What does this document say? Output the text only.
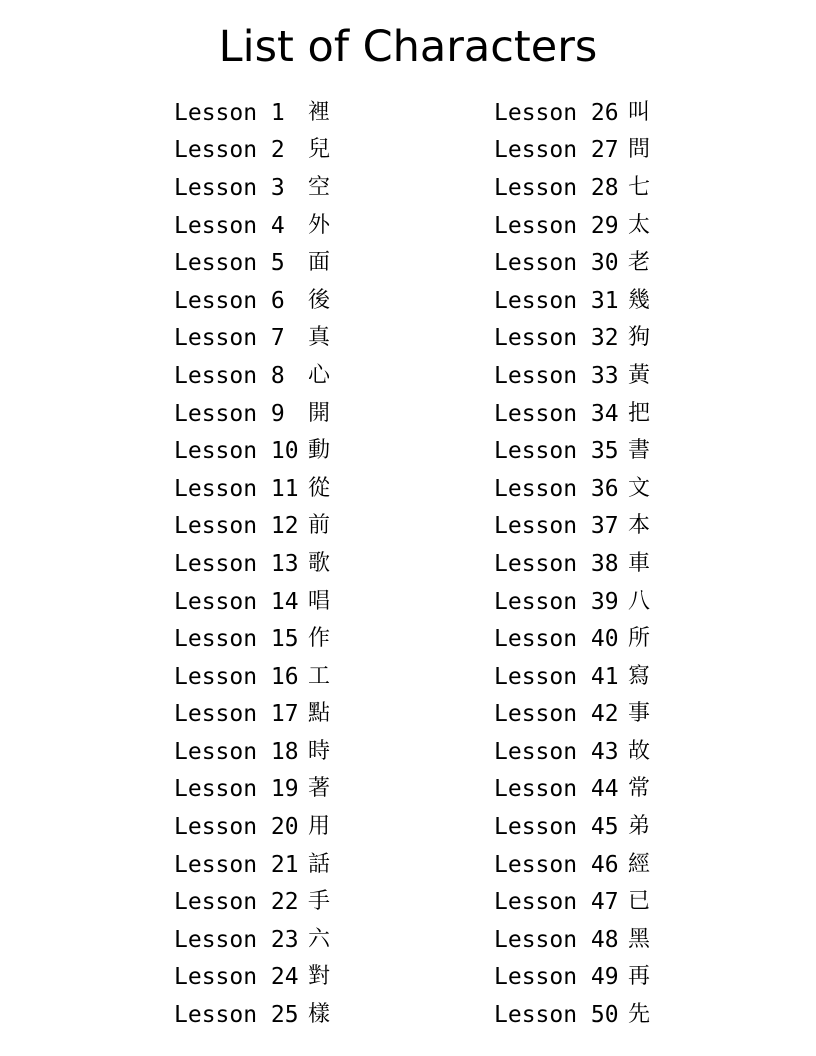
List of Characters
Lesson 1	裡
Lesson 2	兒
Lesson 3	空
Lesson 4	外
Lesson 5	面
Lesson 6	後
Lesson 7	真
Lesson 8	心
Lesson 9	開
Lesson 10 動
Lesson 11 從
Lesson 12 前
Lesson 13 歌
Lesson 14 唱
Lesson 15 作
Lesson 16 工
Lesson 17 點
Lesson 18 時
Lesson 19 著
Lesson 20 用
Lesson 21 話
Lesson 22 手
Lesson 23 六
Lesson 24 對
Lesson 25 樣
Lesson 26 叫
Lesson 27 問
Lesson 28 七
Lesson 29 太
Lesson 30 老
Lesson 31 幾
Lesson 32 狗
Lesson 33 黃
Lesson 34 把
Lesson 35 書
Lesson 36 文
Lesson 37 本
Lesson 38 車
Lesson 39 八
Lesson 40 所
Lesson 41 寫
Lesson 42 事
Lesson 43 故
Lesson 44 常
Lesson 45 弟
Lesson 46 經
Lesson 47 已
Lesson 48 黑
Lesson 49 再
Lesson 50 先
